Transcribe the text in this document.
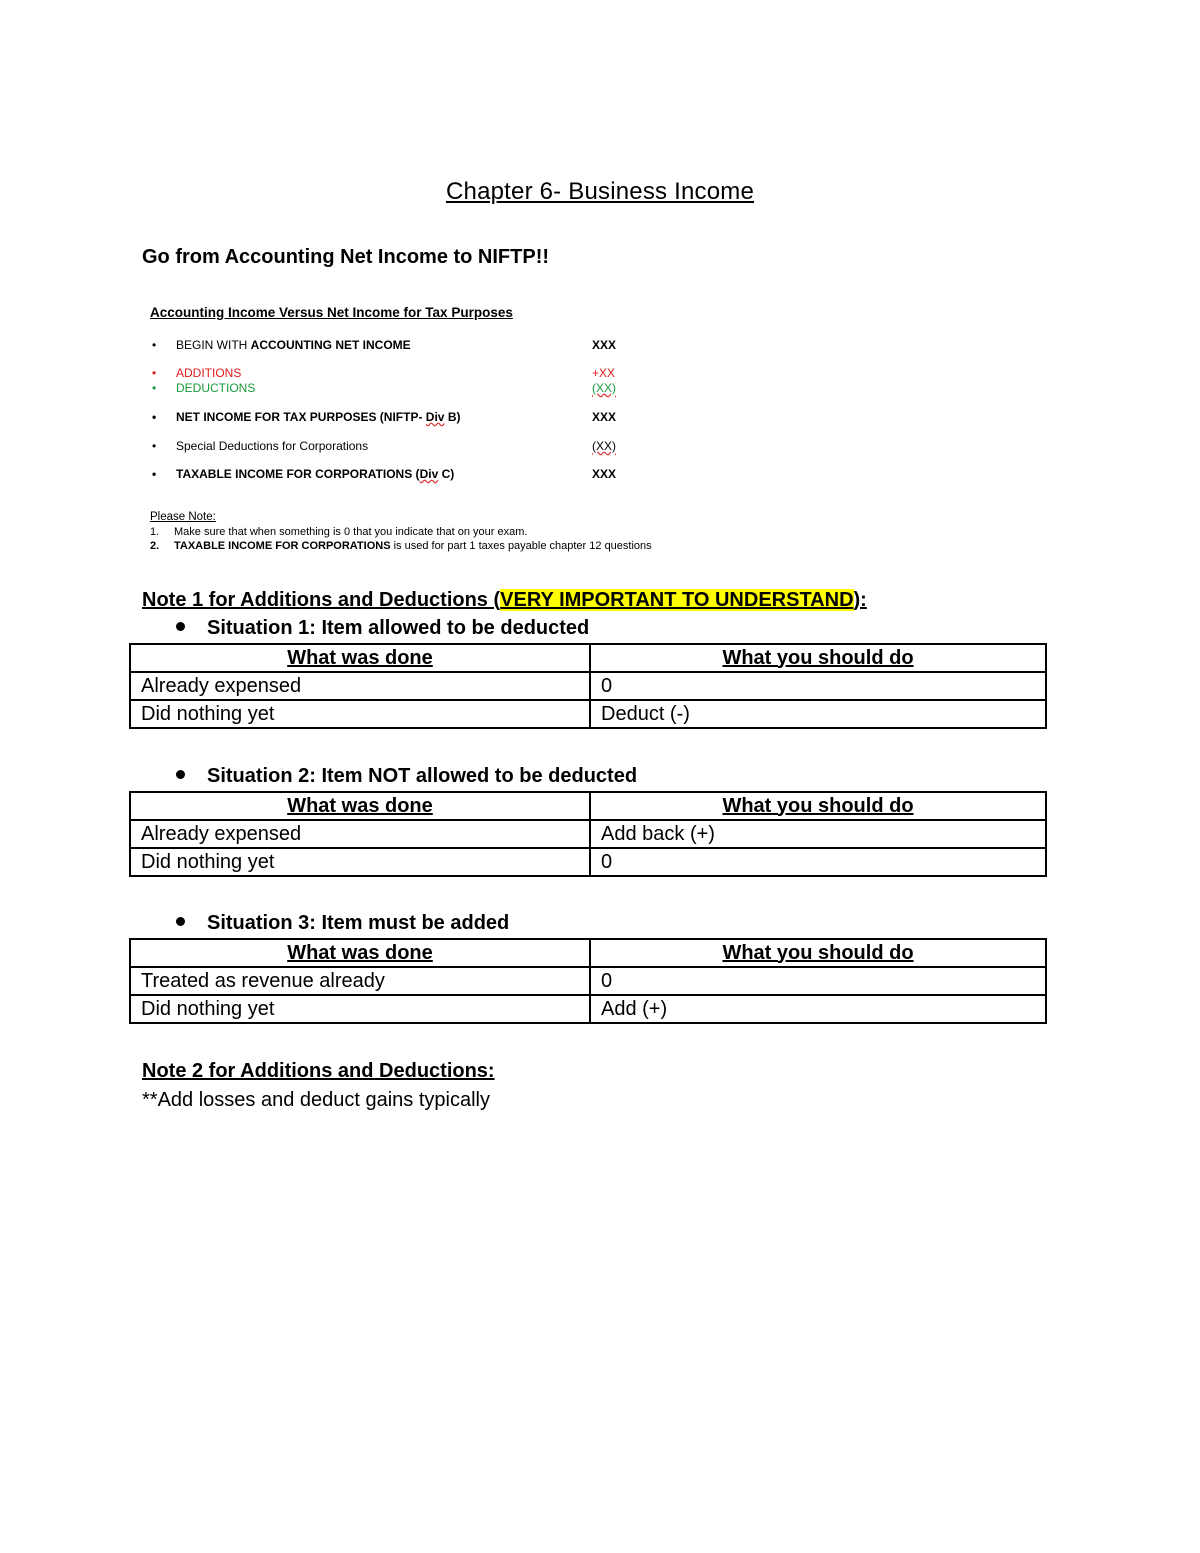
Chapter 6- Business Income
Go from Accounting Net Income to NIFTP!!
Accounting Income Versus Net Income for Tax Purposes
• BEGIN WITH ACCOUNTING NET INCOME	XXX
• ADDITIONS	+XX
• DEDUCTIONS	(XX)
• NET INCOME FOR TAX PURPOSES (NIFTP- Div B)	XXX
• Special Deductions for Corporations	(XX)
• TAXABLE INCOME FOR CORPORATIONS (Div C)	XXX
Please Note:
1. Make sure that when something is 0 that you indicate that on your exam.
2. TAXABLE INCOME FOR CORPORATIONS is used for part 1 taxes payable chapter 12 questions
Note 1 for Additions and Deductions (VERY IMPORTANT TO UNDERSTAND):
Situation 1: Item allowed to be deducted
What was done	What you should do
Already expensed	0
Did nothing yet	Deduct (-)
Situation 2: Item NOT allowed to be deducted
What was done	What you should do
Already expensed	Add back (+)
Did nothing yet	0
Situation 3: Item must be added
What was done	What you should do
Treated as revenue already	0
Did nothing yet	Add (+)
Note 2 for Additions and Deductions:
**Add losses and deduct gains typically
